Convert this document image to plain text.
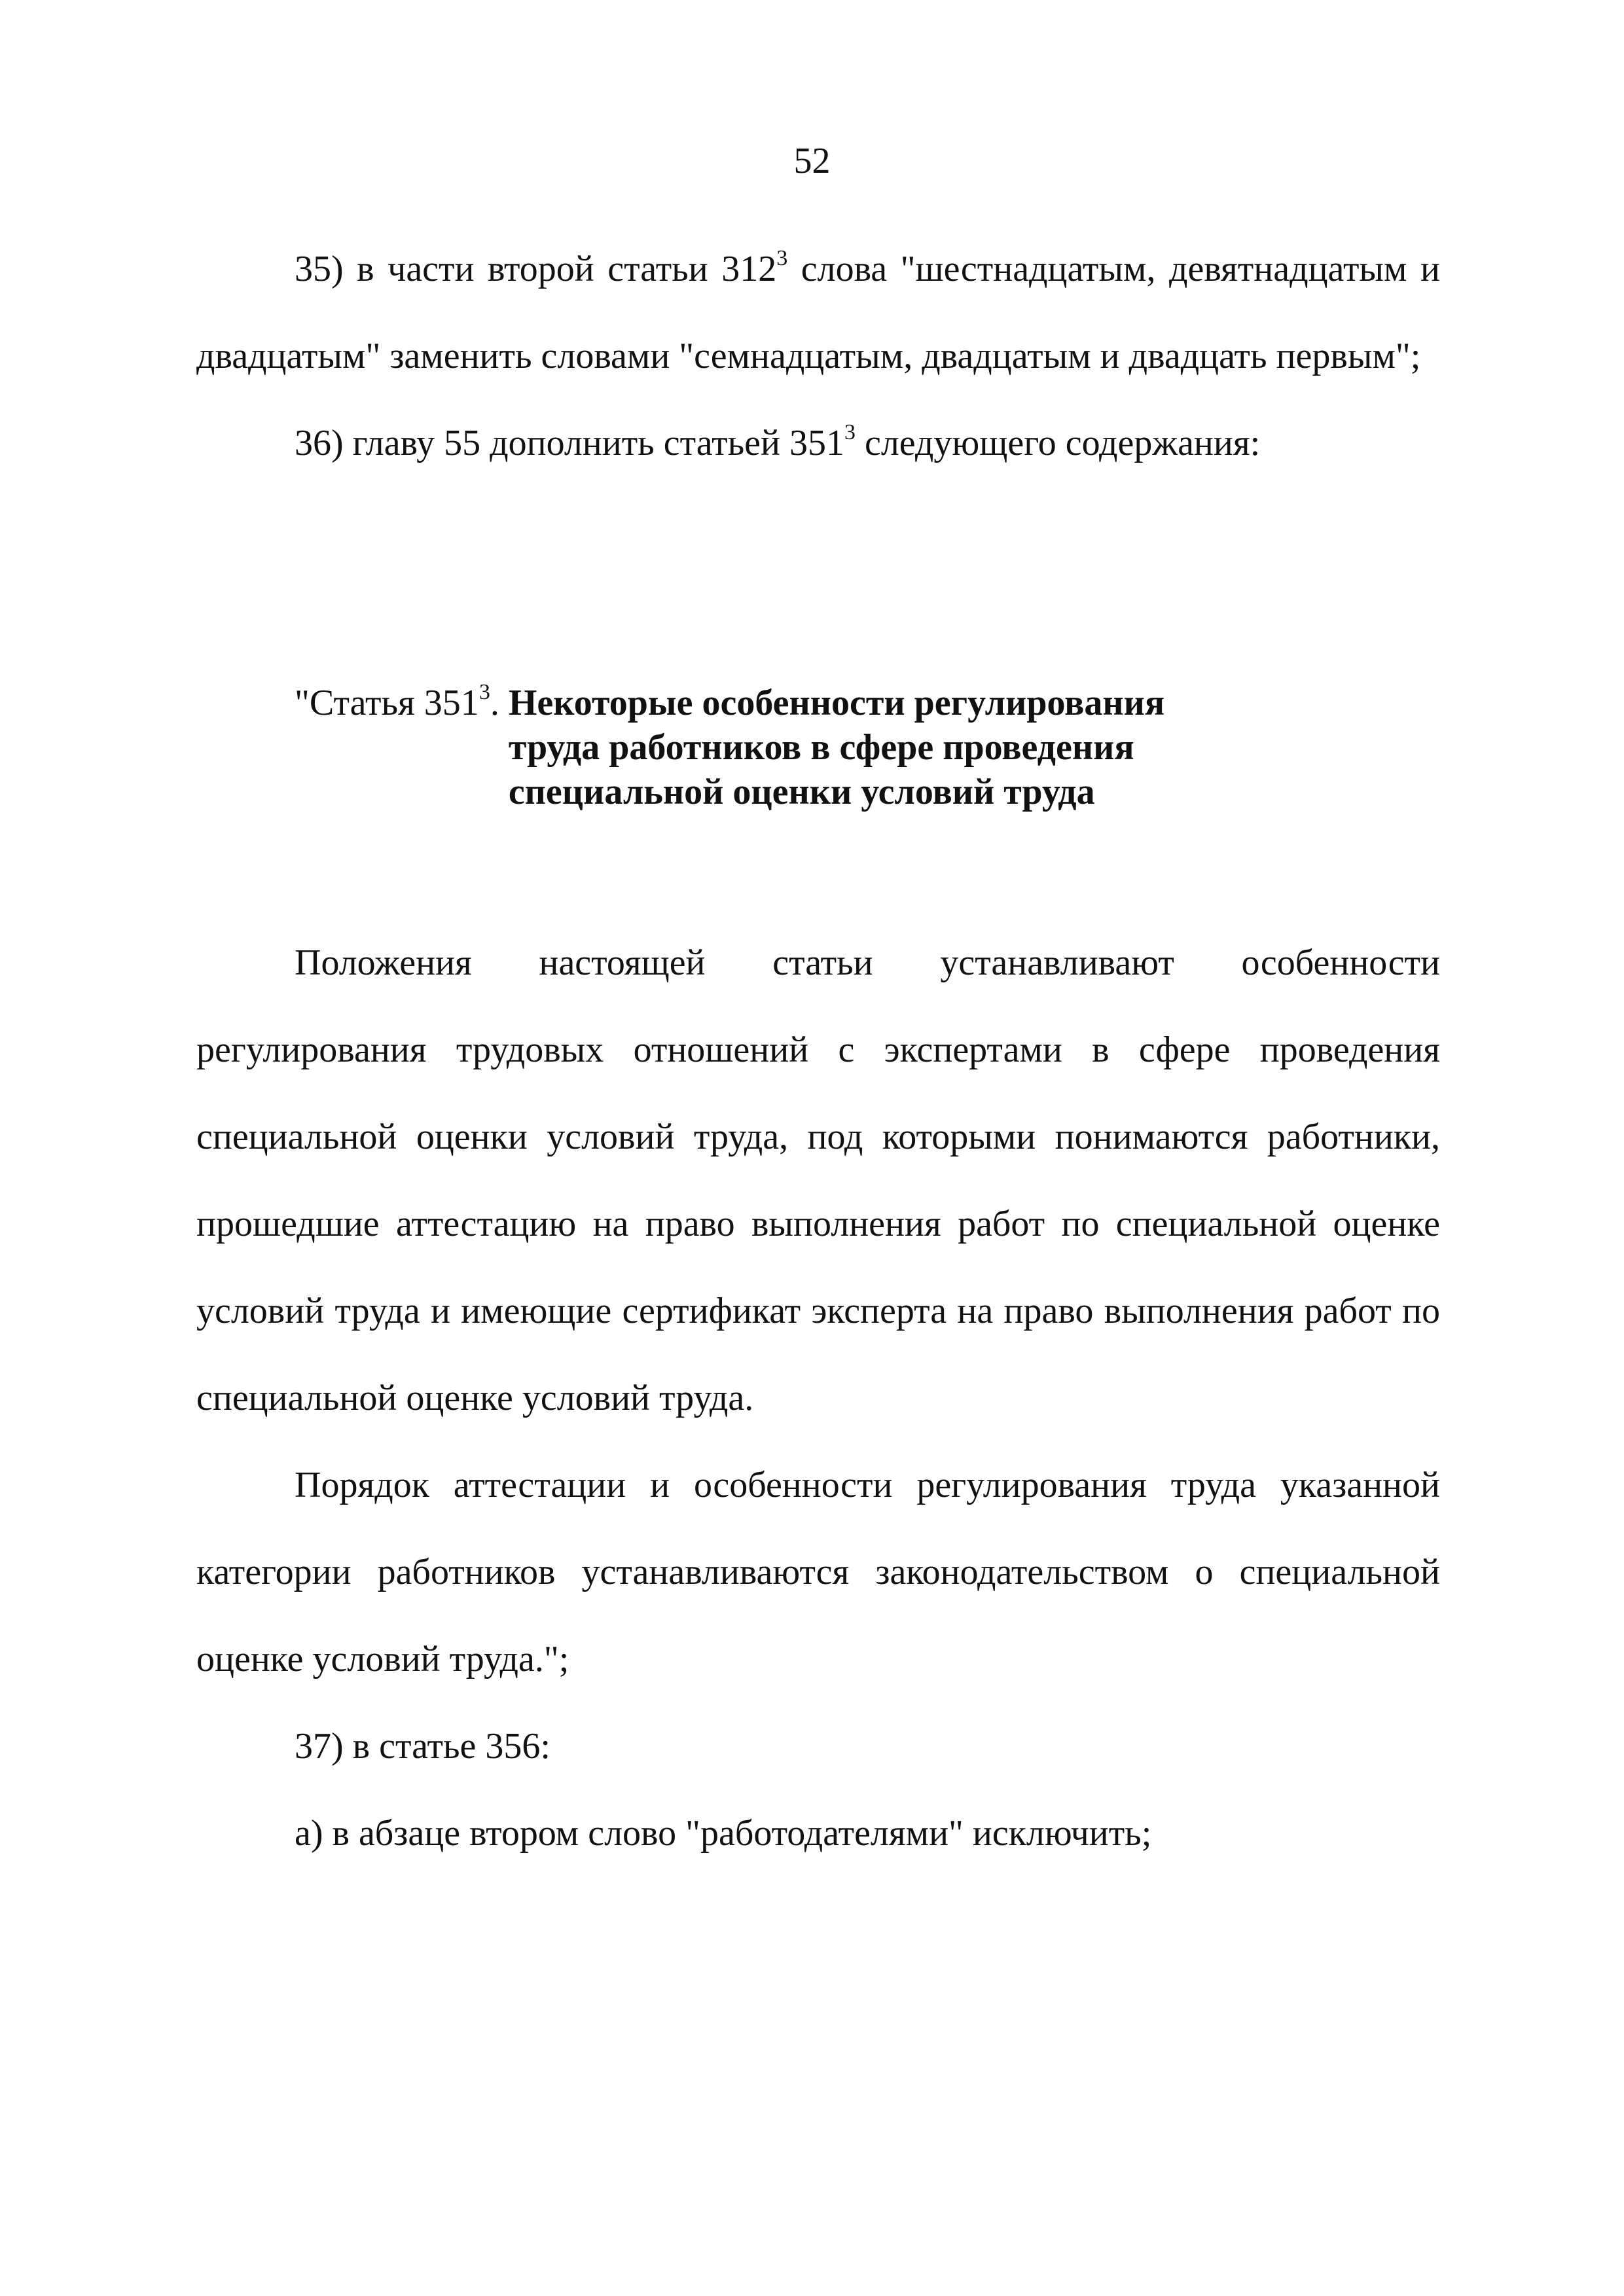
52

35) в части второй статьи $312^3$ слова "шестнадцатым, девятнадцатым и двадцатым" заменить словами "семнадцатым, двадцатым и двадцать первым";

36) главу 55 дополнить статьей $351^3$ следующего содержания:

"Статья $351^3$. Некоторые особенности регулирования
труда работников в сфере проведения
специальной оценки условий труда

Положения настоящей статьи устанавливают особенности регулирования трудовых отношений с экспертами в сфере проведения специальной оценки условий труда, под которыми понимаются работники, прошедшие аттестацию на право выполнения работ по специальной оценке условий труда и имеющие сертификат эксперта на право выполнения работ по специальной оценке условий труда.

Порядок аттестации и особенности регулирования труда указанной категории работников устанавливаются законодательством о специальной оценке условий труда.";

37) в статье 356:

а) в абзаце втором слово "работодателями" исключить;
